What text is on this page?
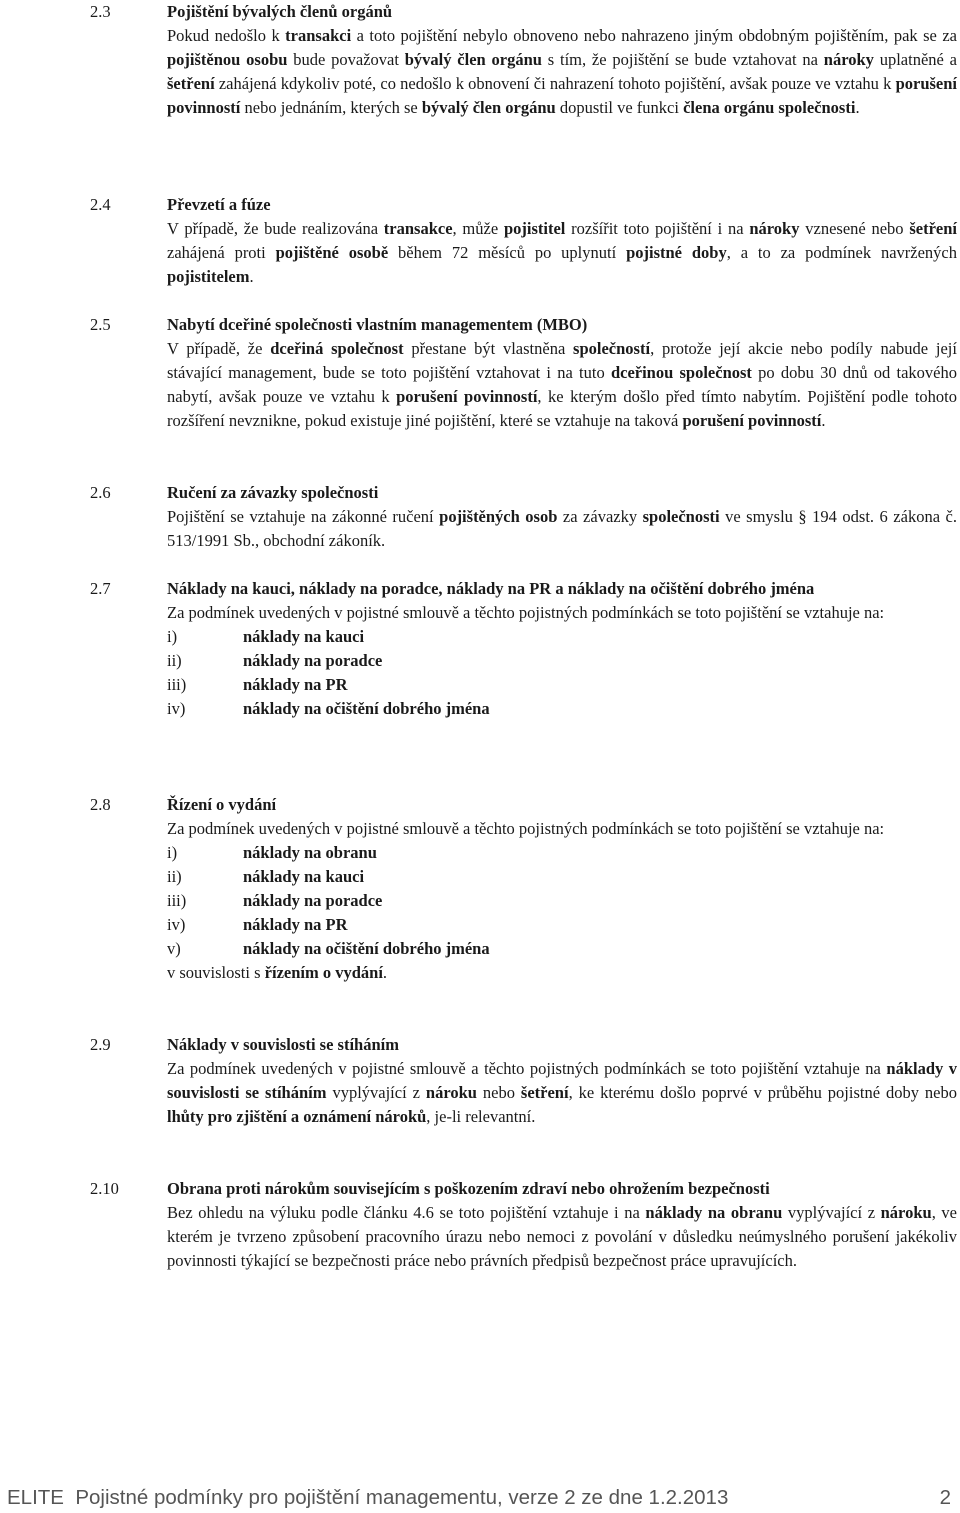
2.3	Pojištění bývalých členů orgánů
Pokud nedošlo k transakci a toto pojištění nebylo obnoveno nebo nahrazeno jiným obdobným pojištěním, pak se za pojištěnou osobu bude považovat bývalý člen orgánu s tím, že pojištění se bude vztahovat na nároky uplatněné a šetření zahájená kdykoliv poté, co nedošlo k obnovení či nahrazení tohoto pojištění, avšak pouze ve vztahu k porušení povinností nebo jednáním, kterých se bývalý člen orgánu dopustil ve funkci člena orgánu společnosti.
2.4	Převzetí a fúze
V případě, že bude realizována transakce, může pojistitel rozšířit toto pojištění i na nároky vznesené nebo šetření zahájená proti pojištěné osobě během 72 měsíců po uplynutí pojistné doby, a to za podmínek navržených pojistitelem.
2.5	Nabytí dceřiné společnosti vlastním managementem (MBO)
V případě, že dceřiná společnost přestane být vlastněna společností, protože její akcie nebo podíly nabude její stávající management, bude se toto pojištění vztahovat i na tuto dceřinou společnost po dobu 30 dnů od takového nabytí, avšak pouze ve vztahu k porušení povinností, ke kterým došlo před tímto nabytím. Pojištění podle tohoto rozšíření nevznikne, pokud existuje jiné pojištění, které se vztahuje na taková porušení povinností.
2.6	Ručení za závazky společnosti
Pojištění se vztahuje na zákonné ručení pojištěných osob za závazky společnosti ve smyslu § 194 odst. 6 zákona č. 513/1991 Sb., obchodní zákoník.
2.7	Náklady na kauci, náklady na poradce, náklady na PR a náklady na očištění dobrého jména
Za podmínek uvedených v pojistné smlouvě a těchto pojistných podmínkách se toto pojištění se vztahuje na:
i)	náklady na kauci
ii)	náklady na poradce
iii)	náklady na PR
iv)	náklady na očištění dobrého jména
2.8	Řízení o vydání
Za podmínek uvedených v pojistné smlouvě a těchto pojistných podmínkách se toto pojištění se vztahuje na:
i)	náklady na obranu
ii)	náklady na kauci
iii)	náklady na poradce
iv)	náklady na PR
v)	náklady na očištění dobrého jména
v souvislosti s řízením o vydání.
2.9	Náklady v souvislosti se stíháním
Za podmínek uvedených v pojistné smlouvě a těchto pojistných podmínkách se toto pojištění vztahuje na náklady v souvislosti se stíháním vyplývající z nároku nebo šetření, ke kterému došlo poprvé v průběhu pojistné doby nebo lhůty pro zjištění a oznámení nároků, je-li relevantní.
2.10	Obrana proti nárokům souvisejícím s poškozením zdraví nebo ohrožením bezpečnosti
Bez ohledu na výluku podle článku 4.6 se toto pojištění vztahuje i na náklady na obranu vyplývající z nároku, ve kterém je tvrzeno způsobení pracovního úrazu nebo nemoci z povolání v důsledku neúmyslného porušení jakékoliv povinnosti týkající se bezpečnosti práce nebo právních předpisů bezpečnost práce upravujících.
ELITE  Pojistné podmínky pro pojištění managementu, verze 2 ze dne 1.2.2013	2
